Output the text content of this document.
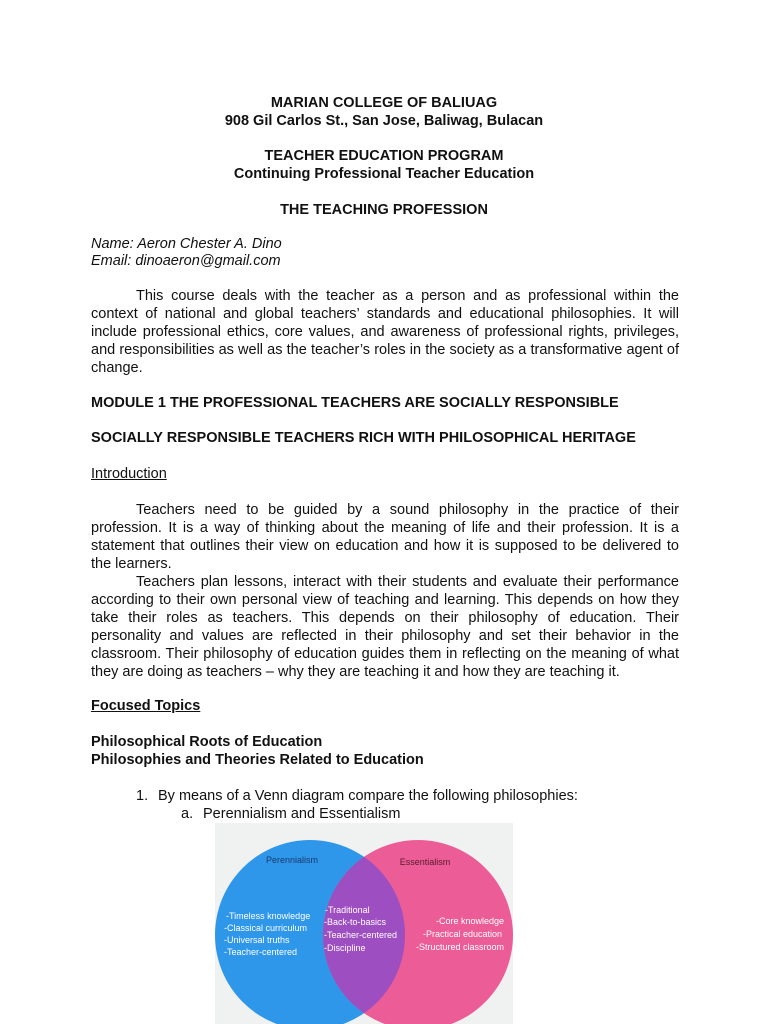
MARIAN COLLEGE OF BALIUAG
908 Gil Carlos St., San Jose, Baliwag, Bulacan
TEACHER EDUCATION PROGRAM
Continuing Professional Teacher Education
THE TEACHING PROFESSION
Name: Aeron Chester A. Dino
Email: dinoaeron@gmail.com
This course deals with the teacher as a person and as professional within the context of national and global teachers’ standards and educational philosophies. It will include professional ethics, core values, and awareness of professional rights, privileges, and responsibilities as well as the teacher’s roles in the society as a transformative agent of change.
MODULE 1 THE PROFESSIONAL TEACHERS ARE SOCIALLY RESPONSIBLE
SOCIALLY RESPONSIBLE TEACHERS RICH WITH PHILOSOPHICAL HERITAGE
Introduction
Teachers need to be guided by a sound philosophy in the practice of their profession. It is a way of thinking about the meaning of life and their profession. It is a statement that outlines their view on education and how it is supposed to be delivered to the learners.
Teachers plan lessons, interact with their students and evaluate their performance according to their own personal view of teaching and learning. This depends on how they take their roles as teachers. This depends on their philosophy of education. Their personality and values are reflected in their philosophy and set their behavior in the classroom. Their philosophy of education guides them in reflecting on the meaning of what they are doing as teachers – why they are teaching it and how they are teaching it.
Focused Topics
Philosophical Roots of Education
Philosophies and Theories Related to Education
1. By means of a Venn diagram compare the following philosophies:
a. Perennialism and Essentialism
Perennialism	Essentialism
-Timeless knowledge
-Classical curriculum
-Universal truths
-Teacher-centered
-Traditional
-Back-to-basics
-Teacher-centered
-Discipline
-Core knowledge
-Practical education
-Structured classroom
